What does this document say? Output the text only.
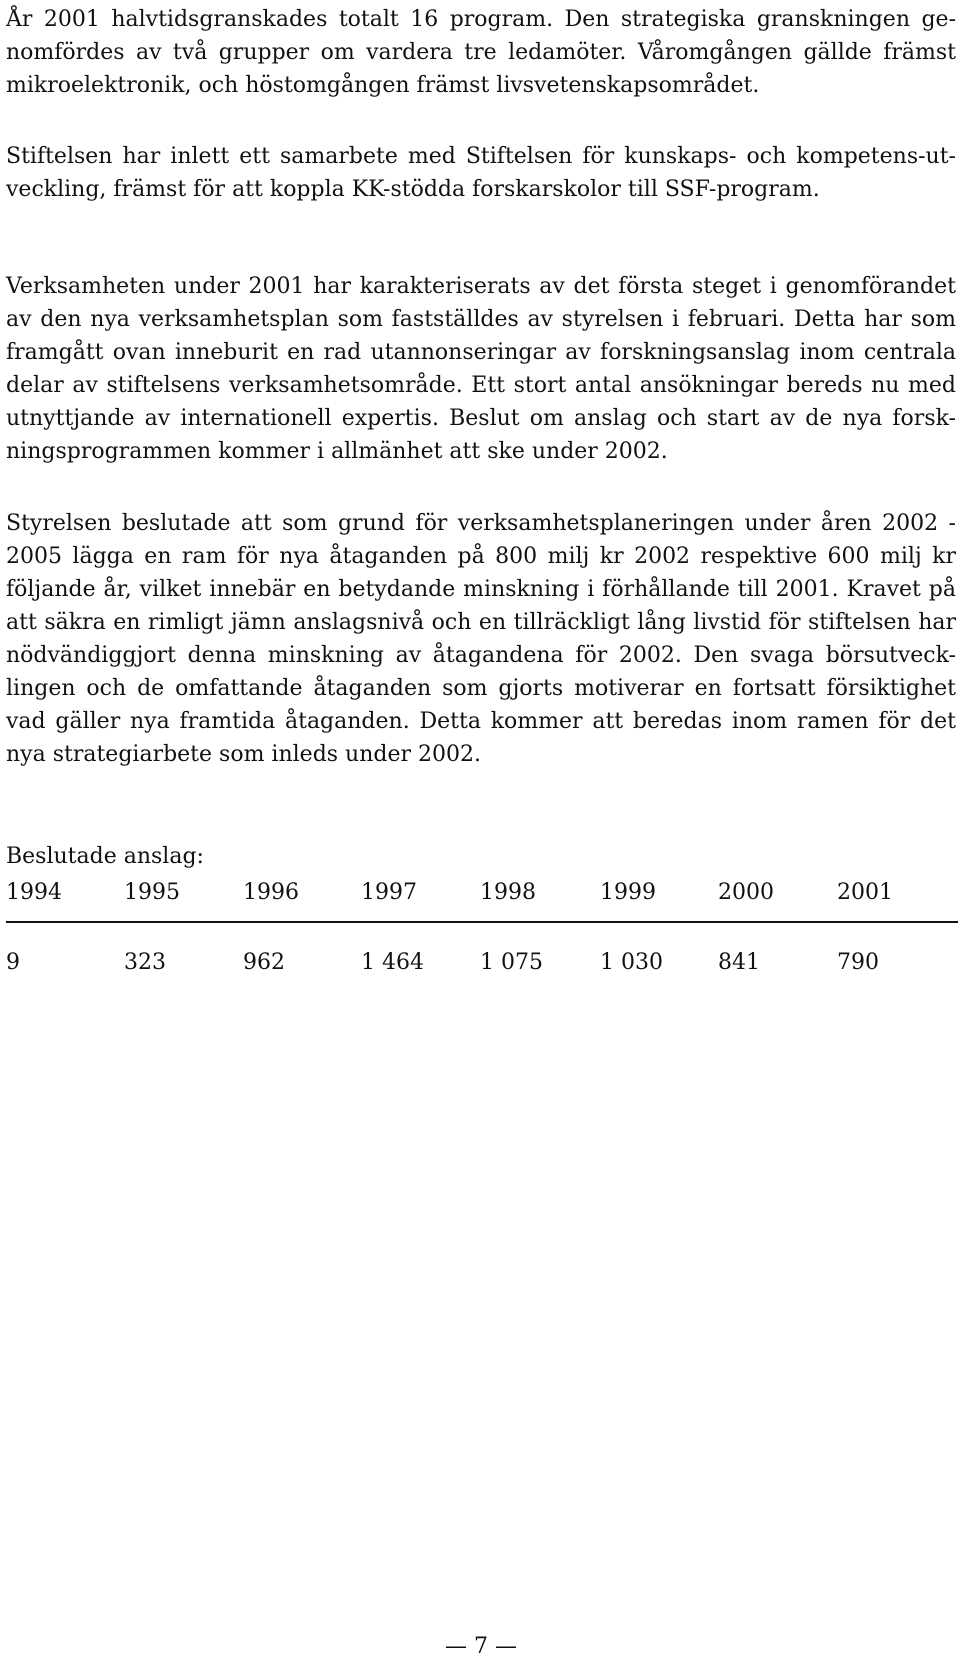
År 2001 halvtidsgranskades totalt 16 program. Den strategiska granskningen ge-
nomfördes av två grupper om vardera tre ledamöter. Våromgången gällde främst
mikroelektronik, och höstomgången främst livsvetenskapsområdet.

Stiftelsen har inlett ett samarbete med Stiftelsen för kunskaps- och kompetens-ut-
veckling, främst för att koppla KK-stödda forskarskolor till SSF-program.

Verksamheten under 2001 har karakteriserats av det första steget i genomförandet
av den nya verksamhetsplan som fastställdes av styrelsen i februari. Detta har som
framgått ovan inneburit en rad utannonseringar av forskningsanslag inom centrala
delar av stiftelsens verksamhetsområde. Ett stort antal ansökningar bereds nu med
utnyttjande av internationell expertis. Beslut om anslag och start av de nya forsk-
ningsprogrammen kommer i allmänhet att ske under 2002.

Styrelsen beslutade att som grund för verksamhetsplaneringen under åren 2002 -
2005 lägga en ram för nya åtaganden på 800 milj kr 2002 respektive 600 milj kr
följande år, vilket innebär en betydande minskning i förhållande till 2001. Kravet på
att säkra en rimligt jämn anslagsnivå och en tillräckligt lång livstid för stiftelsen har
nödvändiggjort denna minskning av åtagandena för 2002. Den svaga börsutveck-
lingen och de omfattande åtaganden som gjorts motiverar en fortsatt försiktighet
vad gäller nya framtida åtaganden. Detta kommer att beredas inom ramen för det
nya strategiarbete som inleds under 2002.

Beslutade anslag:
1994	1995	1996	1997	1998	1999	2000	2001
9	323	962	1 464	1 075	1 030	841	790
— 7 —
